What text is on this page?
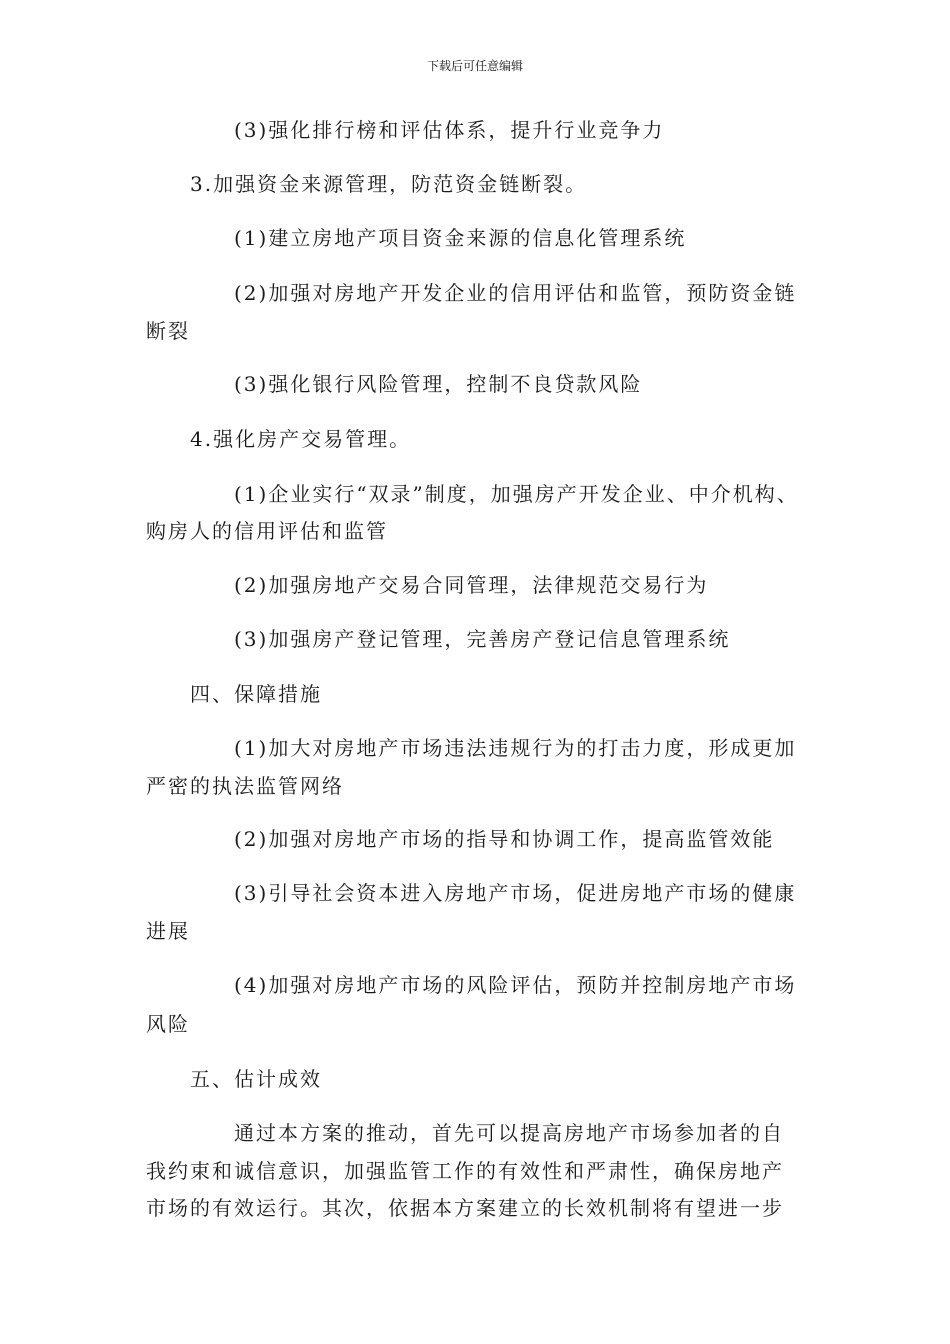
下载后可任意编辑
(3)强化排行榜和评估体系，提升行业竞争力
3.加强资金来源管理，防范资金链断裂。
(1)建立房地产项目资金来源的信息化管理系统
(2)加强对房地产开发企业的信用评估和监管，预防资金链
断裂
(3)强化银行风险管理，控制不良贷款风险
4.强化房产交易管理。
(1)企业实行“双录”制度，加强房产开发企业、中介机构、
购房人的信用评估和监管
(2)加强房地产交易合同管理，法律规范交易行为
(3)加强房产登记管理，完善房产登记信息管理系统
四、保障措施
(1)加大对房地产市场违法违规行为的打击力度，形成更加
严密的执法监管网络
(2)加强对房地产市场的指导和协调工作，提高监管效能
(3)引导社会资本进入房地产市场，促进房地产市场的健康
进展
(4)加强对房地产市场的风险评估，预防并控制房地产市场
风险
五、估计成效
通过本方案的推动，首先可以提高房地产市场参加者的自
我约束和诚信意识，加强监管工作的有效性和严肃性，确保房地产
市场的有效运行。其次，依据本方案建立的长效机制将有望进一步
